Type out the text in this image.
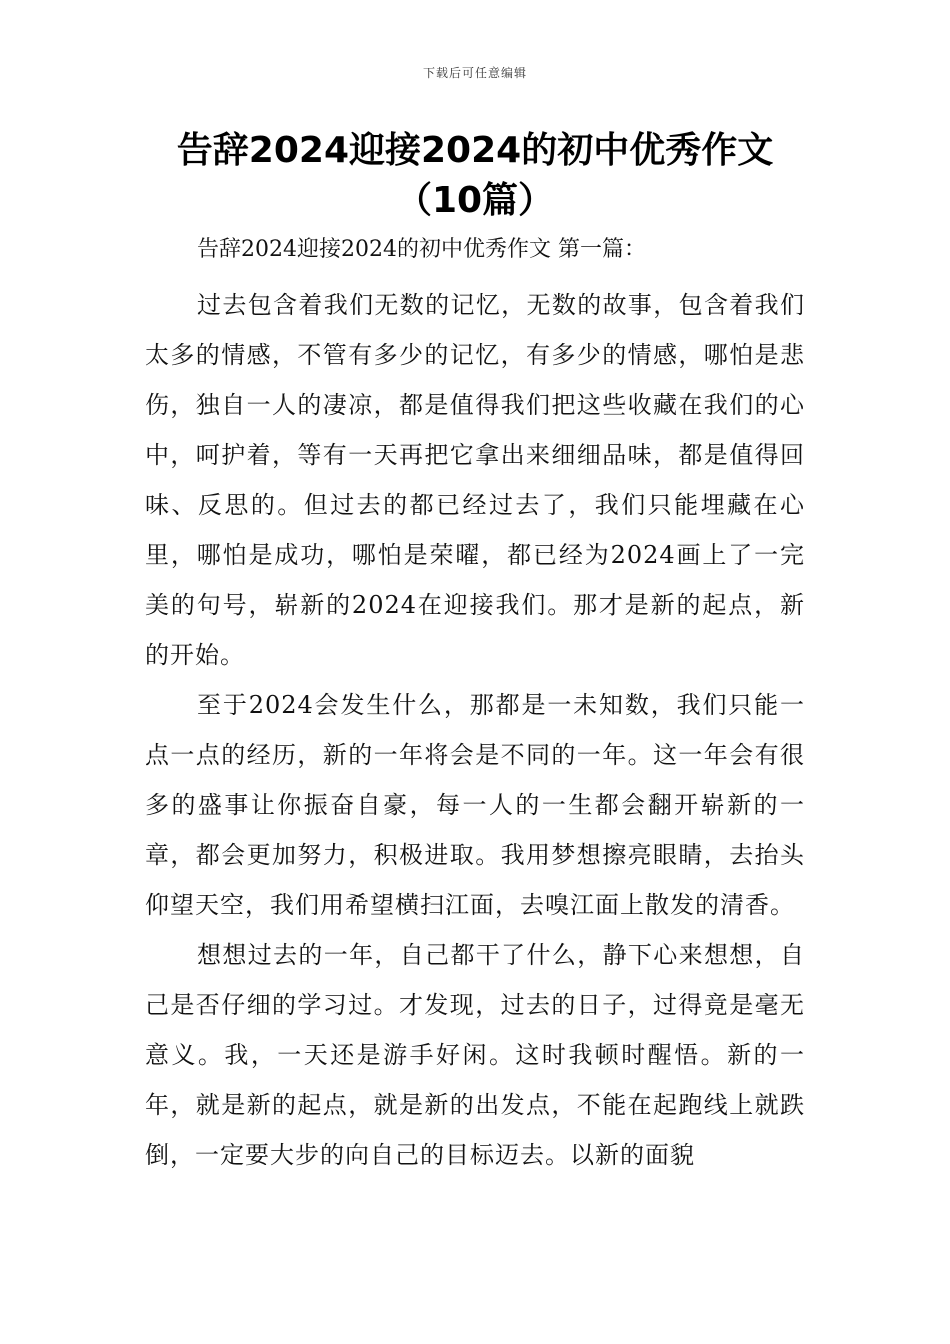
下载后可任意编辑
告辞2024迎接2024的初中优秀作文（10篇）

告辞2024迎接2024的初中优秀作文 第一篇：

过去包含着我们无数的记忆，无数的故事，包含着我们太多的情感，不管有多少的记忆，有多少的情感，哪怕是悲伤，独自一人的凄凉，都是值得我们把这些收藏在我们的心中，呵护着，等有一天再把它拿出来细细品味，都是值得回味、反思的。但过去的都已经过去了，我们只能埋藏在心里，哪怕是成功，哪怕是荣曜，都已经为2024画上了一完美的句号，崭新的2024在迎接我们。那才是新的起点，新的开始。

至于2024会发生什么，那都是一未知数，我们只能一点一点的经历，新的一年将会是不同的一年。这一年会有很多的盛事让你振奋自豪，每一人的一生都会翻开崭新的一章，都会更加努力，积极进取。我用梦想擦亮眼睛，去抬头仰望天空，我们用希望横扫江面，去嗅江面上散发的清香。

想想过去的一年，自己都干了什么，静下心来想想，自己是否仔细的学习过。才发现，过去的日子，过得竟是毫无意义。我，一天还是游手好闲。这时我顿时醒悟。新的一年，就是新的起点，就是新的出发点，不能在起跑线上就跌倒，一定要大步的向自己的目标迈去。以新的面貌
